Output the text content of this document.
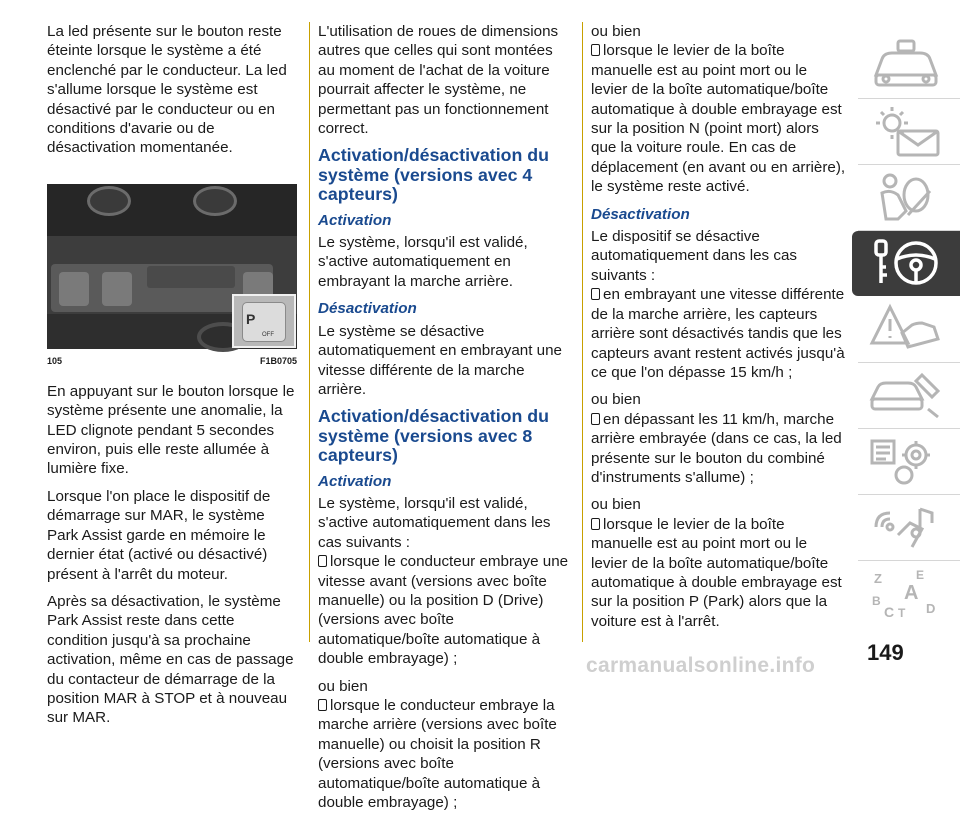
La led présente sur le bouton reste éteinte lorsque le système a été enclenché par le conducteur. La led s'allume lorsque le système est désactivé par le conducteur ou en conditions d'avarie ou de désactivation momentanée.

P
OFF
105	F1B0705

En appuyant sur le bouton lorsque le système présente une anomalie, la LED clignote pendant 5 secondes environ, puis elle reste allumée à lumière fixe.

Lorsque l'on place le dispositif de démarrage sur MAR, le système Park Assist garde en mémoire le dernier état (activé ou désactivé) présent à l'arrêt du moteur.

Après sa désactivation, le système Park Assist reste dans cette condition jusqu'à sa prochaine activation, même en cas de passage du contacteur de démarrage de la position MAR à STOP et à nouveau sur MAR.

L'utilisation de roues de dimensions autres que celles qui sont montées au moment de l'achat de la voiture pourrait affecter le système, ne permettant pas un fonctionnement correct.

Activation/désactivation du système (versions avec 4 capteurs)
Activation

Le système, lorsqu'il est validé, s'active automatiquement en embrayant la marche arrière.

Désactivation

Le système se désactive automatiquement en embrayant une vitesse différente de la marche arrière.

Activation/désactivation du système (versions avec 8 capteurs)
Activation

Le système, lorsqu'il est validé, s'active automatiquement dans les cas suivants :

lorsque le conducteur embraye une vitesse avant (versions avec boîte manuelle) ou la position D (Drive) (versions avec boîte automatique/boîte automatique à double embrayage) ;

ou bien

lorsque le conducteur embraye la marche arrière (versions avec boîte manuelle) ou choisit la position R (versions avec boîte automatique/boîte automatique à double embrayage) ;

ou bien

lorsque le levier de la boîte manuelle est au point mort ou le levier de la boîte automatique/boîte automatique à double embrayage est sur la position N (point mort) alors que la voiture roule. En cas de déplacement (en avant ou en arrière), le système reste activé.

Désactivation

Le dispositif se désactive automatiquement dans les cas suivants :

en embrayant une vitesse différente de la marche arrière, les capteurs arrière sont désactivés tandis que les capteurs avant restent activés jusqu'à ce que l'on dépasse 15 km/h ;

ou bien

en dépassant les 11 km/h, marche arrière embrayée (dans ce cas, la led présente sur le bouton du combiné d'instruments s'allume) ;

ou bien

lorsque le levier de la boîte manuelle est au point mort ou le levier de la boîte automatique/boîte automatique à double embrayage est sur la position P (Park) alors que la voiture est à l'arrêt.

Z	E
A
B
C T D
149
carmanualsonline.info
